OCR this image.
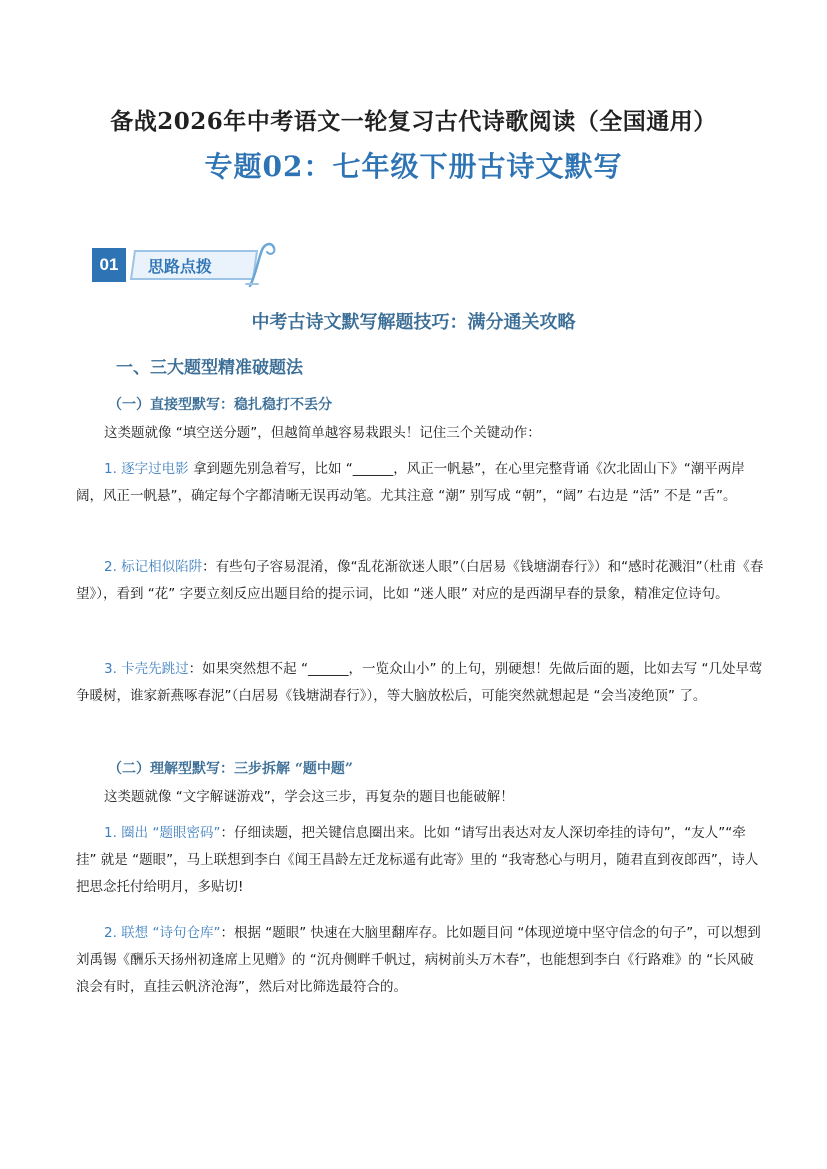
备战2026年中考语文一轮复习古代诗歌阅读（全国通用）
专题02：七年级下册古诗文默写
01	思路点拨
中考古诗文默写解题技巧：满分通关攻略
一、三大题型精准破题法
（一）直接型默写：稳扎稳打不丢分
这类题就像 “填空送分题”，但越简单越容易栽跟头！记住三个关键动作：
1. 逐字过电影 拿到题先别急着写，比如 “______，风正一帆悬”，在心里完整背诵《次北固山下》“潮平两岸阔，风正一帆悬”，确定每个字都清晰无误再动笔。尤其注意 “潮” 别写成 “朝”，“阔” 右边是 “活” 不是 “舌”。
2. 标记相似陷阱：有些句子容易混淆，像“乱花渐欲迷人眼”（白居易《钱塘湖春行》）和“感时花溅泪”（杜甫《春望》），看到 “花” 字要立刻反应出题目给的提示词，比如 “迷人眼” 对应的是西湖早春的景象，精准定位诗句。
3. 卡壳先跳过：如果突然想不起 “______，一览众山小” 的上句，别硬想！先做后面的题，比如去写 “几处早莺争暖树，谁家新燕啄春泥”（白居易《钱塘湖春行》），等大脑放松后，可能突然就想起是 “会当凌绝顶” 了。
（二）理解型默写：三步拆解 “题中题”
这类题就像 “文字解谜游戏”，学会这三步，再复杂的题目也能破解！
1. 圈出 “题眼密码”：仔细读题，把关键信息圈出来。比如 “请写出表达对友人深切牵挂的诗句”，“友人”“牵挂” 就是 “题眼”，马上联想到李白《闻王昌龄左迁龙标遥有此寄》里的 “我寄愁心与明月，随君直到夜郎西”，诗人把思念托付给明月，多贴切!
2. 联想 “诗句仓库”：根据 “题眼” 快速在大脑里翻库存。比如题目问 “体现逆境中坚守信念的句子”，可以想到刘禹锡《酬乐天扬州初逢席上见赠》的 “沉舟侧畔千帆过，病树前头万木春”，也能想到李白《行路难》的 “长风破浪会有时，直挂云帆济沧海”，然后对比筛选最符合的。
